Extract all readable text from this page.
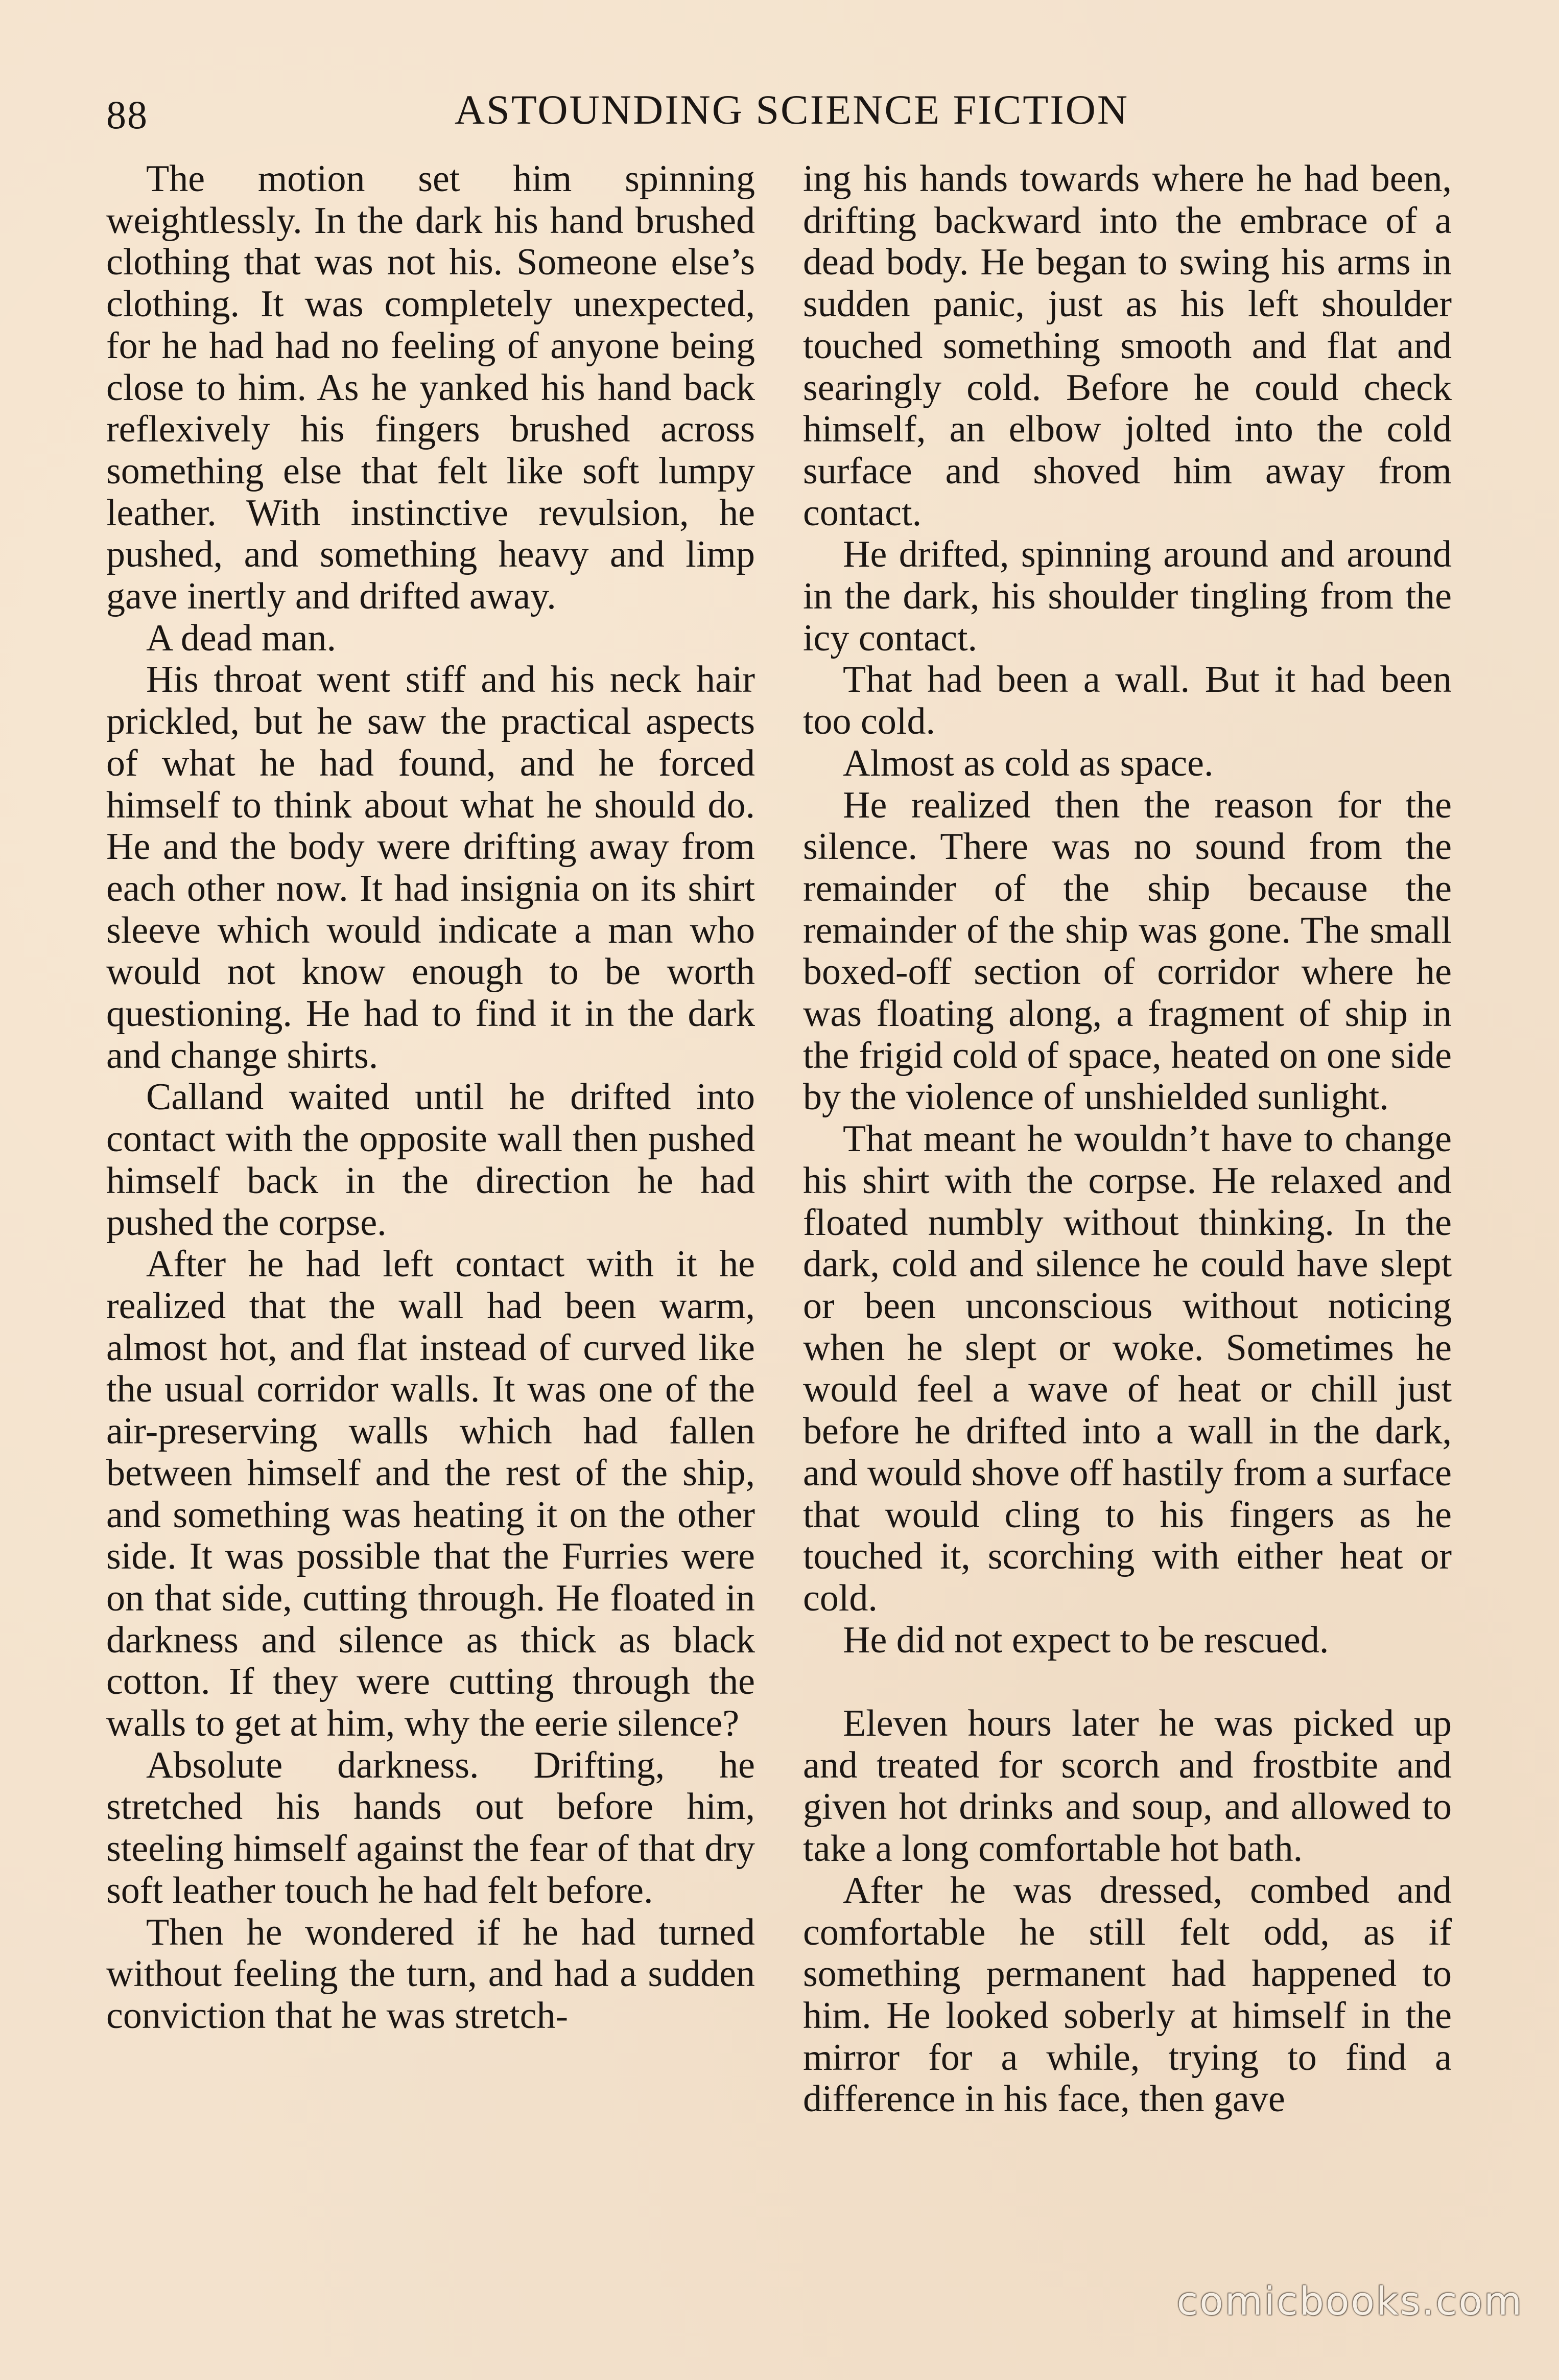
88	ASTOUNDING SCIENCE FICTION

The motion set him spinning weightlessly. In the dark his hand brushed clothing that was not his. Someone else’s clothing. It was completely unexpected, for he had had no feeling of anyone being close to him. As he yanked his hand back reflexively his fingers brushed across something else that felt like soft lumpy leather. With instinctive revulsion, he pushed, and something heavy and limp gave inertly and drifted away.

A dead man.

His throat went stiff and his neck hair prickled, but he saw the practical aspects of what he had found, and he forced himself to think about what he should do. He and the body were drifting away from each other now. It had insignia on its shirt sleeve which would indicate a man who would not know enough to be worth questioning. He had to find it in the dark and change shirts.

Calland waited until he drifted into contact with the opposite wall then pushed himself back in the direction he had pushed the corpse.

After he had left contact with it he realized that the wall had been warm, almost hot, and flat instead of curved like the usual corridor walls. It was one of the air-preserving walls which had fallen between himself and the rest of the ship, and something was heating it on the other side. It was possible that the Furries were on that side, cutting through. He floated in darkness and silence as thick as black cotton. If they were cutting through the walls to get at him, why the eerie silence?

Absolute darkness. Drifting, he stretched his hands out before him, steeling himself against the fear of that dry soft leather touch he had felt before.

Then he wondered if he had turned without feeling the turn, and had a sudden conviction that he was stretch-

ing his hands towards where he had been, drifting backward into the embrace of a dead body. He began to swing his arms in sudden panic, just as his left shoulder touched something smooth and flat and searingly cold. Before he could check himself, an elbow jolted into the cold surface and shoved him away from contact.

He drifted, spinning around and around in the dark, his shoulder tingling from the icy contact.

That had been a wall. But it had been too cold.

Almost as cold as space.

He realized then the reason for the silence. There was no sound from the remainder of the ship because the remainder of the ship was gone. The small boxed-off section of corridor where he was floating along, a fragment of ship in the frigid cold of space, heated on one side by the violence of unshielded sunlight.

That meant he wouldn’t have to change his shirt with the corpse. He relaxed and floated numbly without thinking. In the dark, cold and silence he could have slept or been unconscious without noticing when he slept or woke. Sometimes he would feel a wave of heat or chill just before he drifted into a wall in the dark, and would shove off hastily from a surface that would cling to his fingers as he touched it, scorching with either heat or cold.

He did not expect to be rescued.

Eleven hours later he was picked up and treated for scorch and frostbite and given hot drinks and soup, and allowed to take a long comfortable hot bath.

After he was dressed, combed and comfortable he still felt odd, as if something permanent had happened to him. He looked soberly at himself in the mirror for a while, trying to find a difference in his face, then gave

comicbooks.com
